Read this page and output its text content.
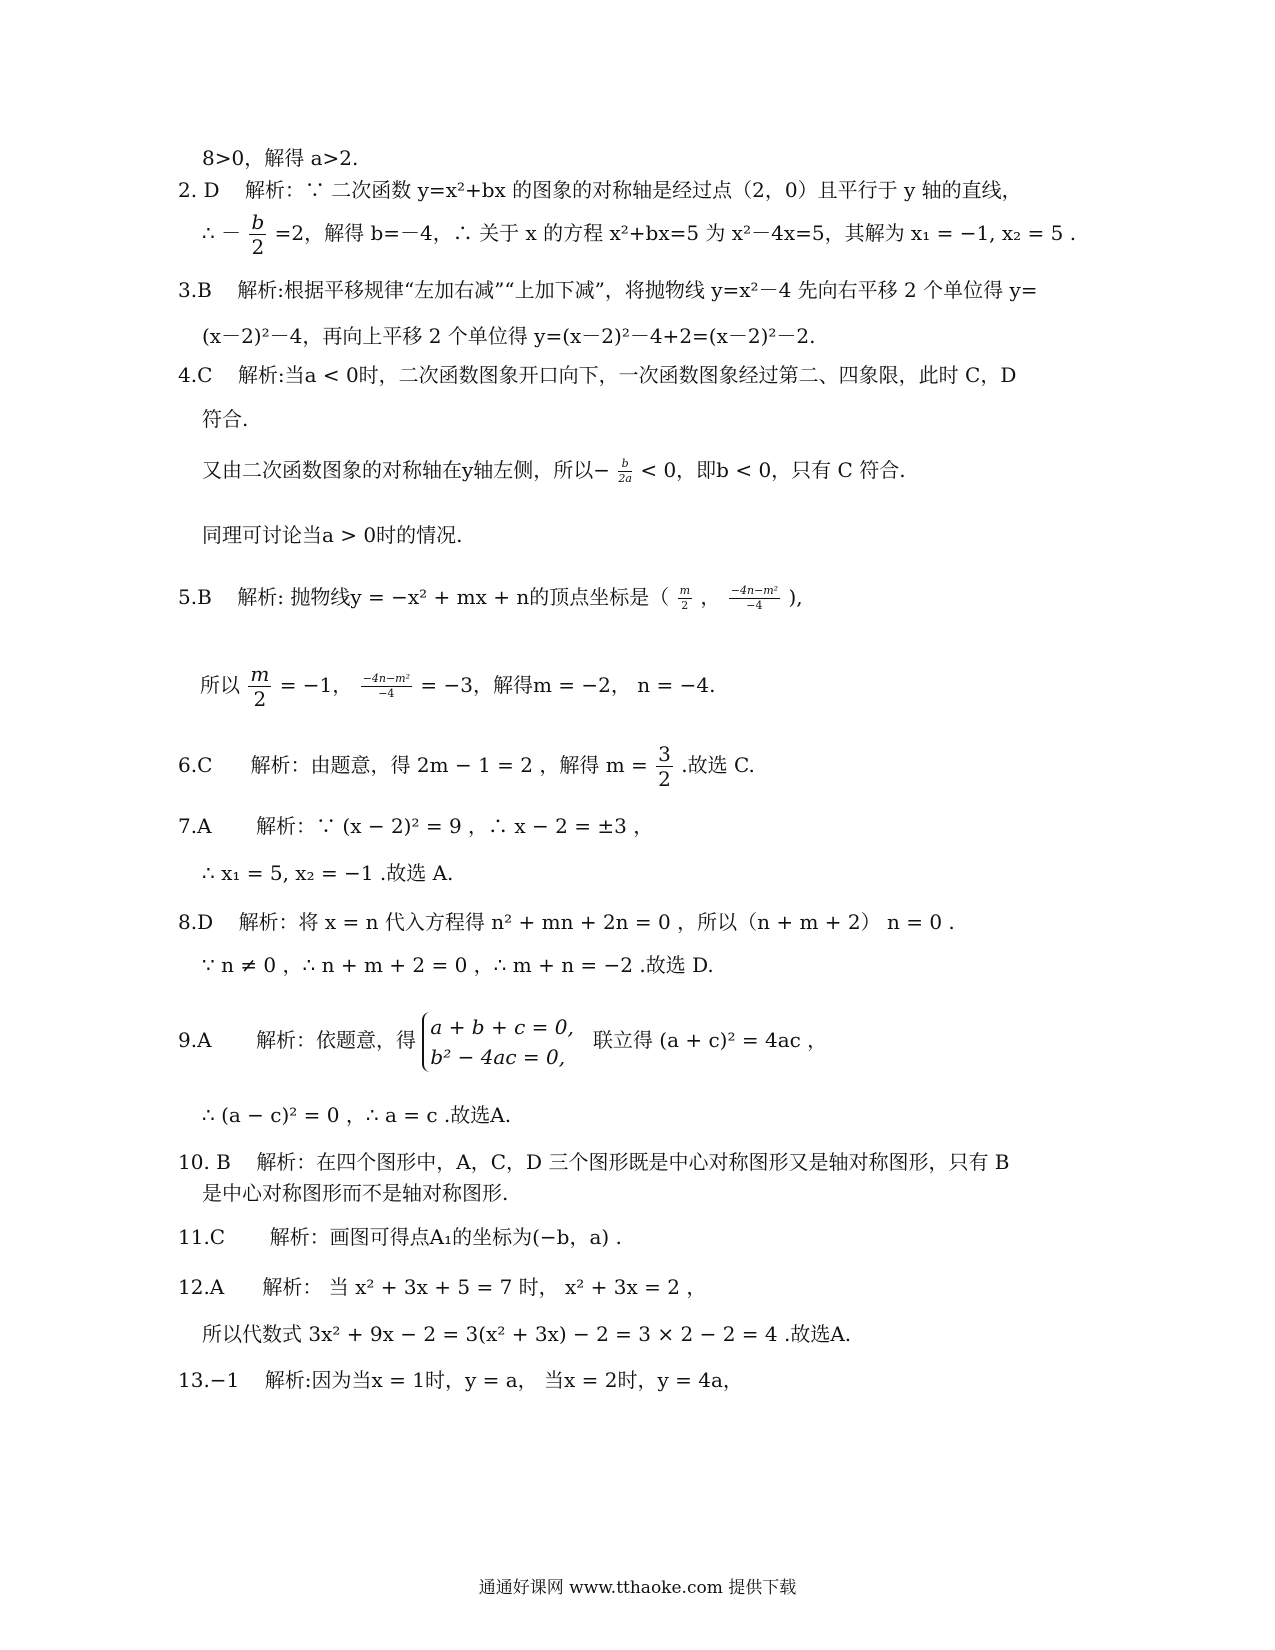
8>0，解得 a>2.
2. D 解析：∵ 二次函数 y=x²+bx 的图象的对称轴是经过点（2，0）且平行于 y 轴的直线，
∴ － $\frac{b}{2} =2$，解得 b=－4，∴ 关于 x 的方程 x²+bx=5 为 x²－4x=5，其解为 x₁ = −1, x₂ = 5 .
3.B 解析:根据平移规律“左加右减”“上加下减”，将抛物线 y=x²－4 先向右平移 2 个单位得 y=
(x－2)²－4，再向上平移 2 个单位得 y=(x－2)²－4+2=(x－2)²－2.
4.C 解析:当a < 0时，二次函数图象开口向下，一次函数图象经过第二、四象限，此时 C，D
符合.
又由二次函数图象的对称轴在y轴左侧，所以− $\frac{b}{2a} < 0$，即b < 0，只有 C 符合.
同理可讨论当a > 0时的情况.
5.B 解析: 抛物线y = −x² + mx + n的顶点坐标是（ $\frac{m}{2}$ ， $\frac{\text{−4n−m²}}{-4}$ ),
所以 $\frac{m}{2} = -1$， $\frac{\text{−4n−m²}}{-4} = -3$，解得m = −2， n = −4.
6.C 解析：由题意，得 2m − 1 = 2 ，解得 $m = \frac{3}{2}$ .故选 C.
7.A 解析：∵ (x − 2)² = 9 ，∴ x − 2 = ±3 ，
∴ x₁ = 5, x₂ = −1 .故选 A.
8.D 解析：将 x = n 代入方程得 n² + mn + 2n = 0 ，所以（n + m + 2） n = 0 .
∵ n ≠ 0 ，∴ n + m + 2 = 0 ，∴ m + n = −2 .故选 D.
9.A 解析：依题意，得
a + b + c = 0,
b² − 4ac = 0,
联立得 (a + c)² = 4ac ，
∴ (a − c)² = 0 ，∴ a = c .故选A.
10. B 解析：在四个图形中，A，C，D 三个图形既是中心对称图形又是轴对称图形，只有 B
是中心对称图形而不是轴对称图形.
11.C 解析：画图可得点A₁的坐标为(−b，a) .
12.A 解析： 当 x² + 3x + 5 = 7 时， x² + 3x = 2 ，
所以代数式 3x² + 9x − 2 = 3(x² + 3x) − 2 = 3 × 2 − 2 = 4 .故选A.
13.−1 解析:因为当x = 1时，y = a， 当x = 2时，y = 4a，
通通好课网 www.tthaoke.com 提供下载
